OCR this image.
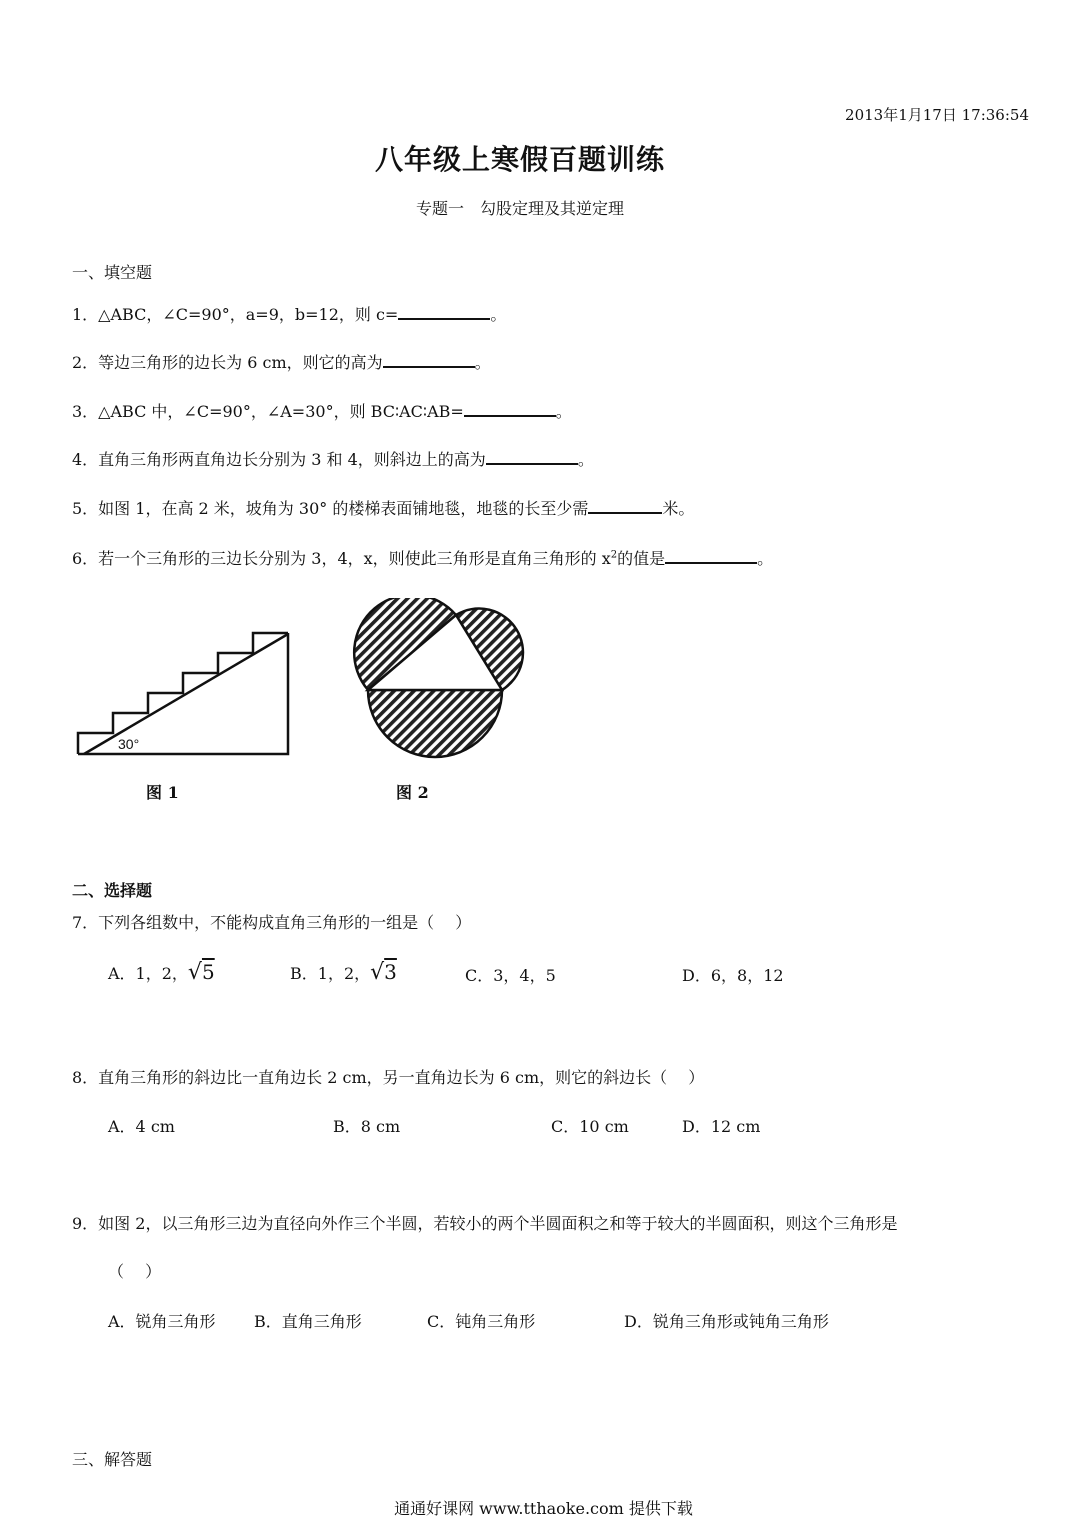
2013年1月17日 17:36:54
八年级上寒假百题训练
专题一　勾股定理及其逆定理
一、填空题
1．△ABC，∠C=90°，a=9，b=12，则 c=	。
2．等边三角形的边长为 6 cm，则它的高为	。
3．△ABC 中，∠C=90°，∠A=30°，则 BC∶AC∶AB=	。
4．直角三角形两直角边长分别为 3 和 4，则斜边上的高为	。
5．如图 1，在高 2 米，坡角为 30° 的楼梯表面铺地毯，地毯的长至少需	米。
6．若一个三角形的三边长分别为 3，4，x，则使此三角形是直角三角形的 $x^2$的值是	。
30°
图 1	图 2
二、选择题
7．下列各组数中，不能构成直角三角形的一组是（　 ）
A．1，2，√5	B．1，2，√3	C．3，4，5	D．6，8，12
8．直角三角形的斜边比一直角边长 2 cm，另一直角边长为 6 cm，则它的斜边长（　 ）
A．4 cm	B．8 cm	C．10 cm	D．12 cm
9．如图 2，以三角形三边为直径向外作三个半圆，若较小的两个半圆面积之和等于较大的半圆面积，则这个三角形是
（　 ）
A．锐角三角形 B．直角三角形	C．钝角三角形	D．锐角三角形或钝角三角形
三、解答题
通通好课网 www.tthaoke.com 提供下载
